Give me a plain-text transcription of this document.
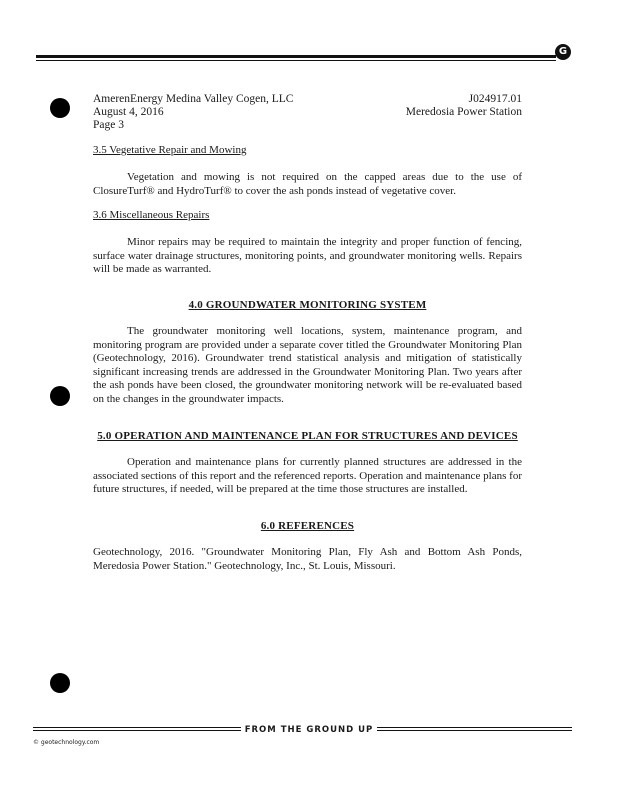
G
AmerenEnergy Medina Valley Cogen, LLC
August 4, 2016
Page 3
J024917.01
Meredosia Power Station
3.5 Vegetative Repair and Mowing
Vegetation and mowing is not required on the capped areas due to the use of ClosureTurf® and HydroTurf® to cover the ash ponds instead of vegetative cover.
3.6 Miscellaneous Repairs
Minor repairs may be required to maintain the integrity and proper function of fencing, surface water drainage structures, monitoring points, and groundwater monitoring wells. Repairs will be made as warranted.
4.0 GROUNDWATER MONITORING SYSTEM
The groundwater monitoring well locations, system, maintenance program, and monitoring program are provided under a separate cover titled the Groundwater Monitoring Plan (Geotechnology, 2016). Groundwater trend statistical analysis and mitigation of statistically significant increasing trends are addressed in the Groundwater Monitoring Plan. Two years after the ash ponds have been closed, the groundwater monitoring network will be re-evaluated based on the changes in the groundwater impacts.
5.0 OPERATION AND MAINTENANCE PLAN FOR STRUCTURES AND DEVICES
Operation and maintenance plans for currently planned structures are addressed in the associated sections of this report and the referenced reports. Operation and maintenance plans for future structures, if needed, will be prepared at the time those structures are installed.
6.0 REFERENCES
Geotechnology, 2016. "Groundwater Monitoring Plan, Fly Ash and Bottom Ash Ponds, Meredosia Power Station." Geotechnology, Inc., St. Louis, Missouri.
FROM THE GROUND UP
© geotechnology.com
